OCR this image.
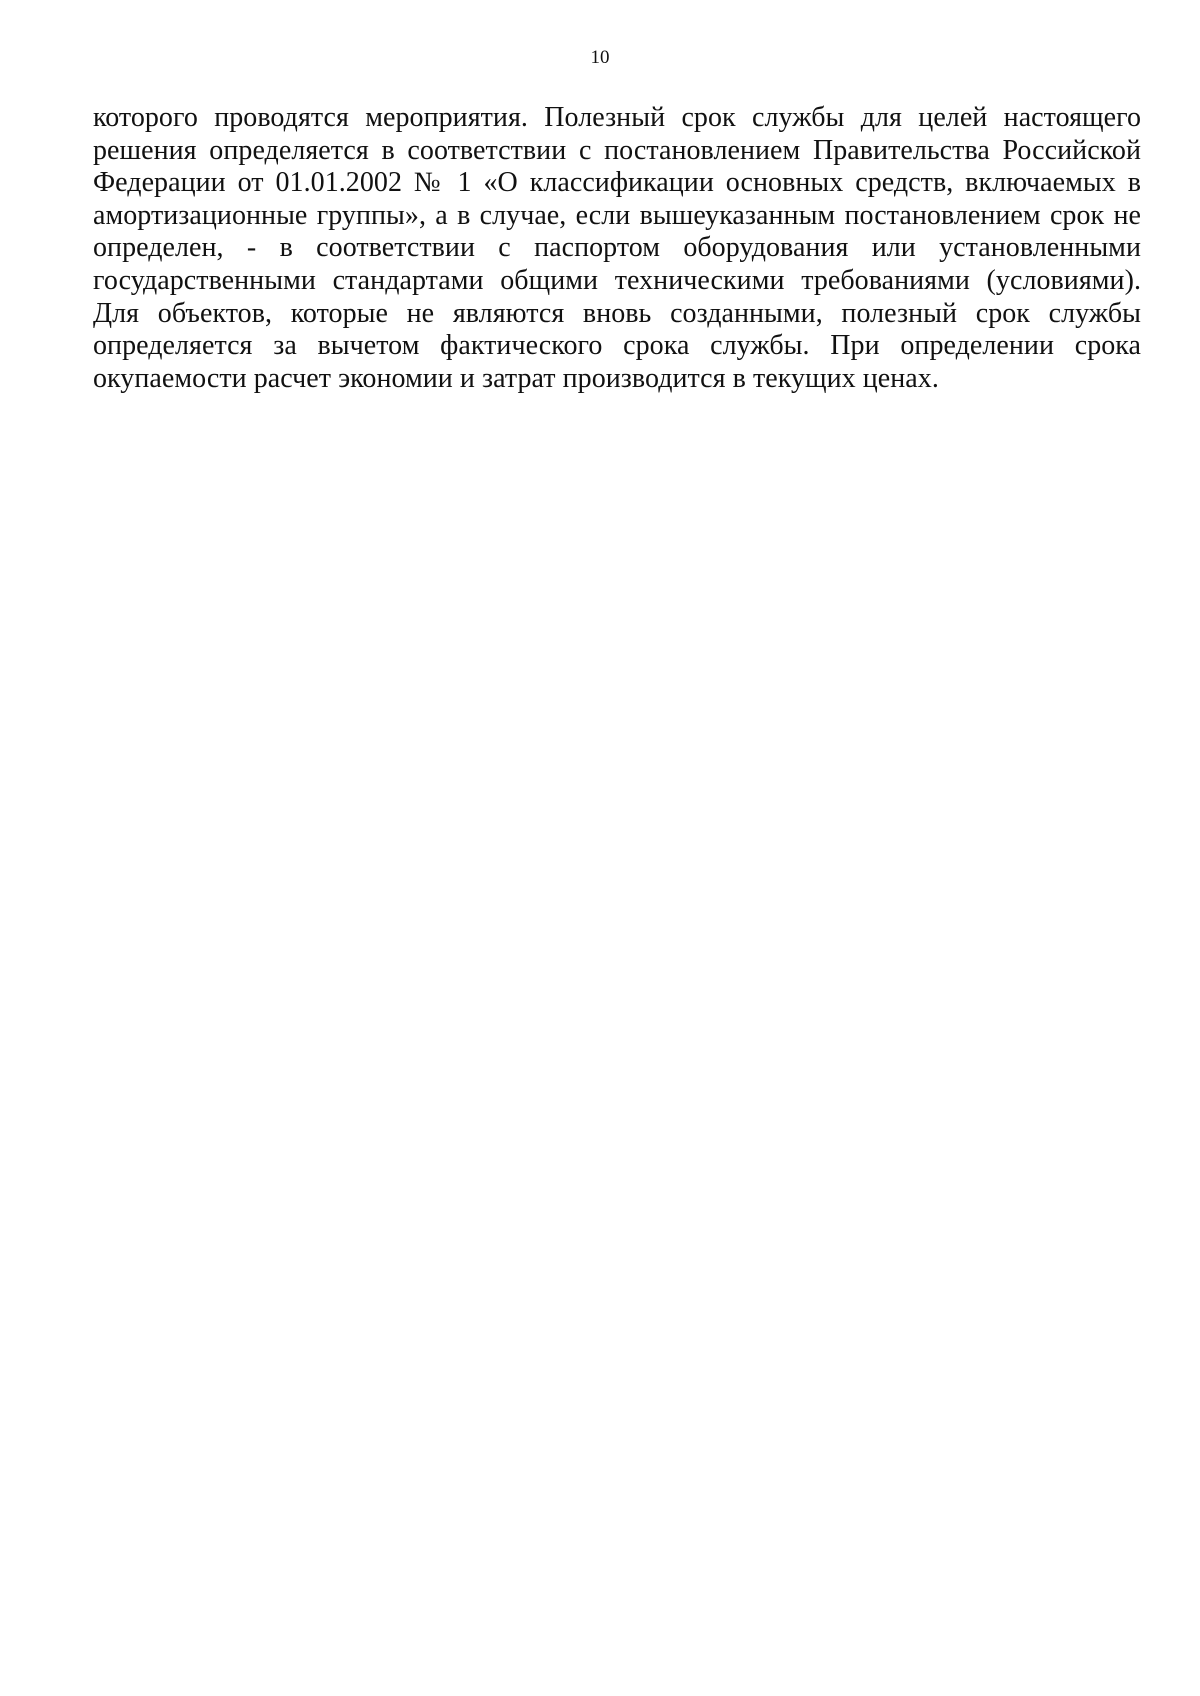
10

которого проводятся мероприятия. Полезный срок службы для целей настоящего решения определяется в соответствии с постановлением Правительства Российской Федерации от 01.01.2002 № 1 «О классификации основных средств, включаемых в амортизационные группы», а в случае, если вышеуказанным постановлением срок не определен, - в соответствии с паспортом оборудования или установленными государственными стандартами общими техническими требованиями (условиями). Для объектов, которые не являются вновь созданными, полезный срок службы определяется за вычетом фактического срока службы. При определении срока окупаемости расчет экономии и затрат производится в текущих ценах.
